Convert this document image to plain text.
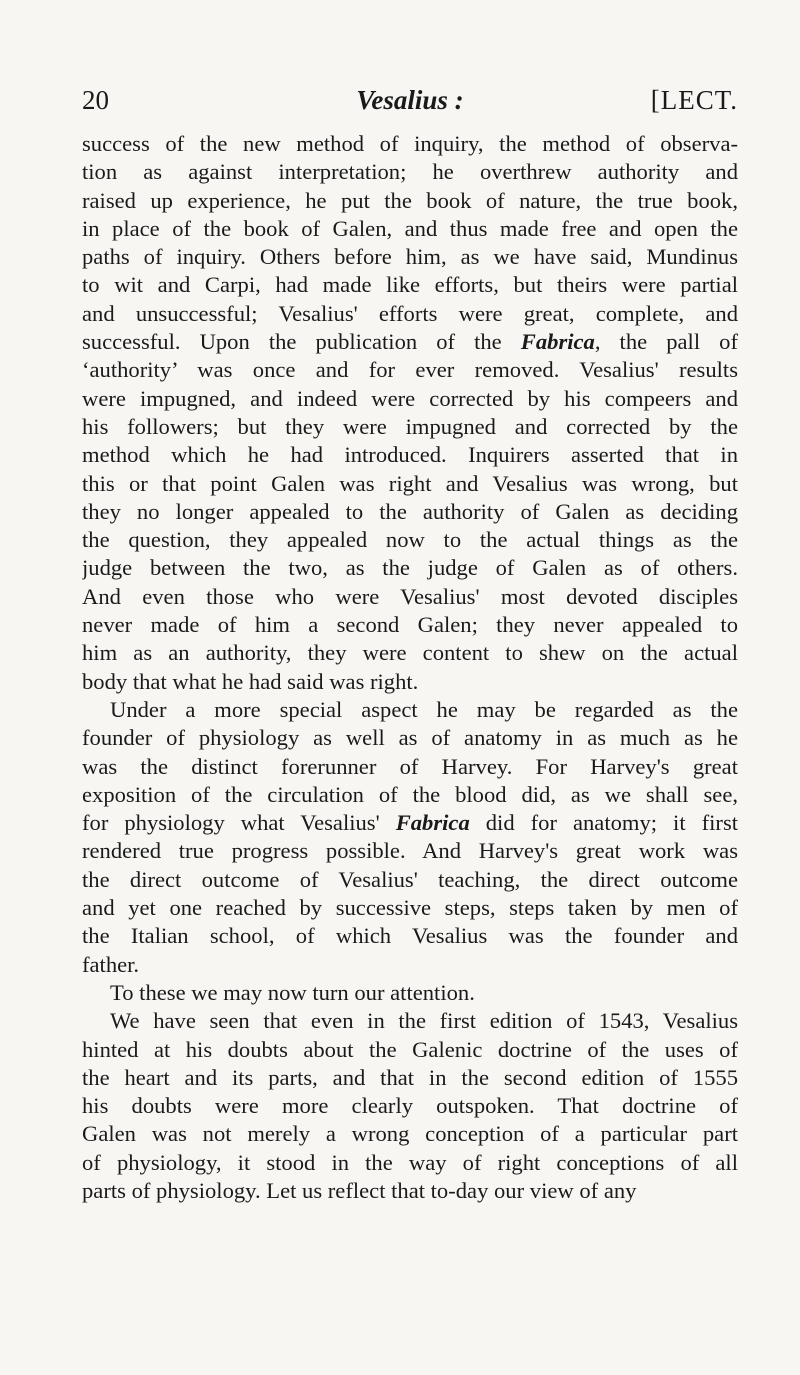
20	Vesalius :	[LECT.
success of the new method of inquiry, the method of observa-
tion as against interpretation; he overthrew authority and
raised up experience, he put the book of nature, the true book,
in place of the book of Galen, and thus made free and open the
paths of inquiry. Others before him, as we have said, Mundinus
to wit and Carpi, had made like efforts, but theirs were partial
and unsuccessful; Vesalius' efforts were great, complete, and
successful. Upon the publication of the Fabrica, the pall of
‘authority’ was once and for ever removed. Vesalius' results
were impugned, and indeed were corrected by his compeers and
his followers; but they were impugned and corrected by the
method which he had introduced. Inquirers asserted that in
this or that point Galen was right and Vesalius was wrong, but
they no longer appealed to the authority of Galen as deciding
the question, they appealed now to the actual things as the
judge between the two, as the judge of Galen as of others.
And even those who were Vesalius' most devoted disciples
never made of him a second Galen; they never appealed to
him as an authority, they were content to shew on the actual
body that what he had said was right.
Under a more special aspect he may be regarded as the
founder of physiology as well as of anatomy in as much as he
was the distinct forerunner of Harvey. For Harvey's great
exposition of the circulation of the blood did, as we shall see,
for physiology what Vesalius' Fabrica did for anatomy; it first
rendered true progress possible. And Harvey's great work was
the direct outcome of Vesalius' teaching, the direct outcome
and yet one reached by successive steps, steps taken by men of
the Italian school, of which Vesalius was the founder and
father.
To these we may now turn our attention.
We have seen that even in the first edition of 1543, Vesalius
hinted at his doubts about the Galenic doctrine of the uses of
the heart and its parts, and that in the second edition of 1555
his doubts were more clearly outspoken. That doctrine of
Galen was not merely a wrong conception of a particular part
of physiology, it stood in the way of right conceptions of all
parts of physiology. Let us reflect that to-day our view of any
